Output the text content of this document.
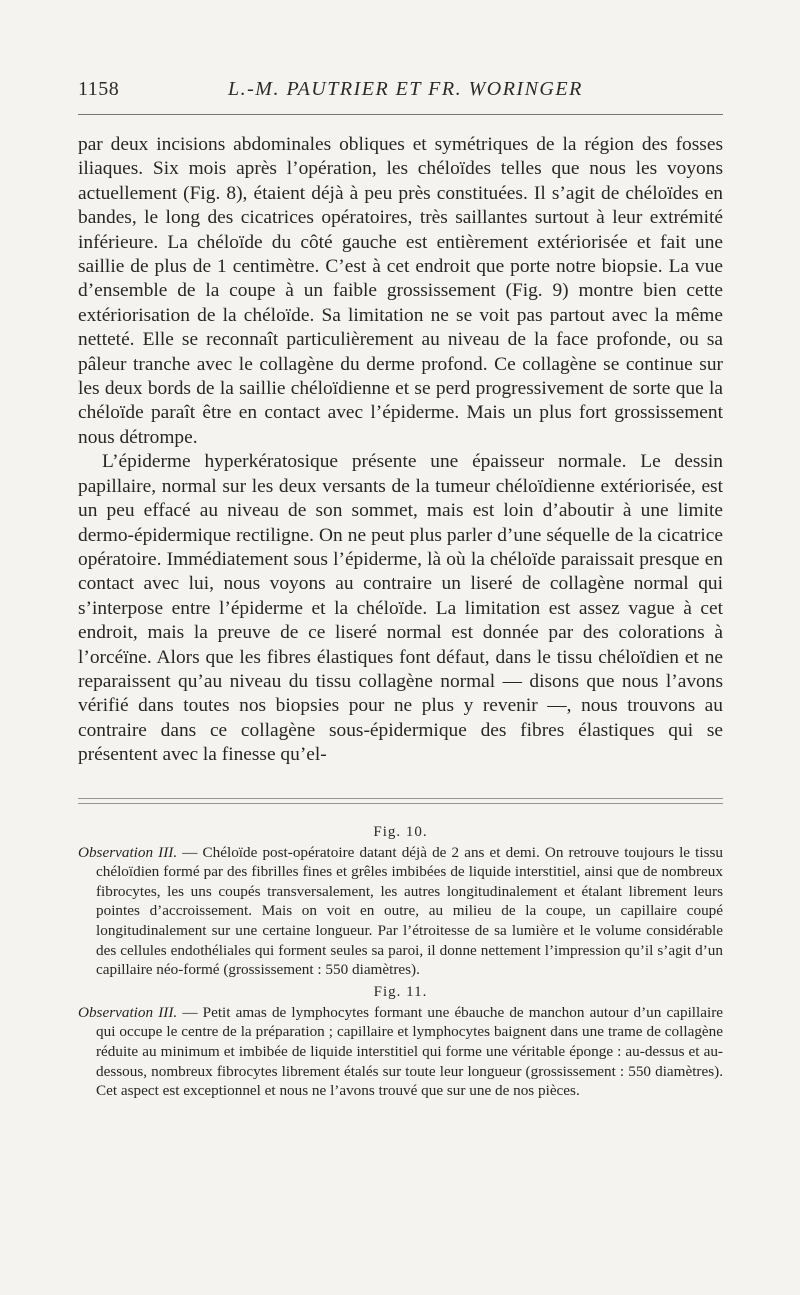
1158	L.-M. PAUTRIER ET FR. WORINGER

par deux incisions abdominales obliques et symétriques de la région des fosses iliaques. Six mois après l’opération, les chéloïdes telles que nous les voyons actuellement (Fig. 8), étaient déjà à peu près constituées. Il s’agit de chéloïdes en bandes, le long des cicatrices opératoires, très saillantes surtout à leur extrémité inférieure. La chéloïde du côté gauche est entièrement extériorisée et fait une saillie de plus de 1 centimètre. C’est à cet endroit que porte notre biopsie. La vue d’ensemble de la coupe à un faible grossissement (Fig. 9) montre bien cette extériorisation de la chéloïde. Sa limitation ne se voit pas partout avec la même netteté. Elle se reconnaît particulièrement au niveau de la face profonde, ou sa pâleur tranche avec le collagène du derme profond. Ce collagène se continue sur les deux bords de la saillie chéloïdienne et se perd progressivement de sorte que la chéloïde paraît être en contact avec l’épiderme. Mais un plus fort grossissement nous détrompe.

L’épiderme hyperkératosique présente une épaisseur normale. Le dessin papillaire, normal sur les deux versants de la tumeur chéloïdienne extériorisée, est un peu effacé au niveau de son sommet, mais est loin d’aboutir à une limite dermo-épidermique rectiligne. On ne peut plus parler d’une séquelle de la cicatrice opératoire. Immédiatement sous l’épiderme, là où la chéloïde paraissait presque en contact avec lui, nous voyons au contraire un liseré de collagène normal qui s’interpose entre l’épiderme et la chéloïde. La limitation est assez vague à cet endroit, mais la preuve de ce liseré normal est donnée par des colorations à l’orcéïne. Alors que les fibres élastiques font défaut, dans le tissu chéloïdien et ne reparaissent qu’au niveau du tissu collagène normal — disons que nous l’avons vérifié dans toutes nos biopsies pour ne plus y revenir —, nous trouvons au contraire dans ce collagène sous-épidermique des fibres élastiques qui se présentent avec la finesse qu’el-

Fig. 10.

Observation III. — Chéloïde post-opératoire datant déjà de 2 ans et demi. On retrouve toujours le tissu chéloïdien formé par des fibrilles fines et grêles imbibées de liquide interstitiel, ainsi que de nombreux fibrocytes, les uns coupés transversalement, les autres longitudinalement et étalant librement leurs pointes d’accroissement. Mais on voit en outre, au milieu de la coupe, un capillaire coupé longitudinalement sur une certaine longueur. Par l’étroitesse de sa lumière et le volume considérable des cellules endothéliales qui forment seules sa paroi, il donne nettement l’impression qu’il s’agit d’un capillaire néo-formé (grossissement : 550 diamètres).

Fig. 11.

Observation III. — Petit amas de lymphocytes formant une ébauche de manchon autour d’un capillaire qui occupe le centre de la préparation ; capillaire et lymphocytes baignent dans une trame de collagène réduite au minimum et imbibée de liquide interstitiel qui forme une véritable éponge : au-dessus et au-dessous, nombreux fibrocytes librement étalés sur toute leur longueur (grossissement : 550 diamètres). Cet aspect est exceptionnel et nous ne l’avons trouvé que sur une de nos pièces.
